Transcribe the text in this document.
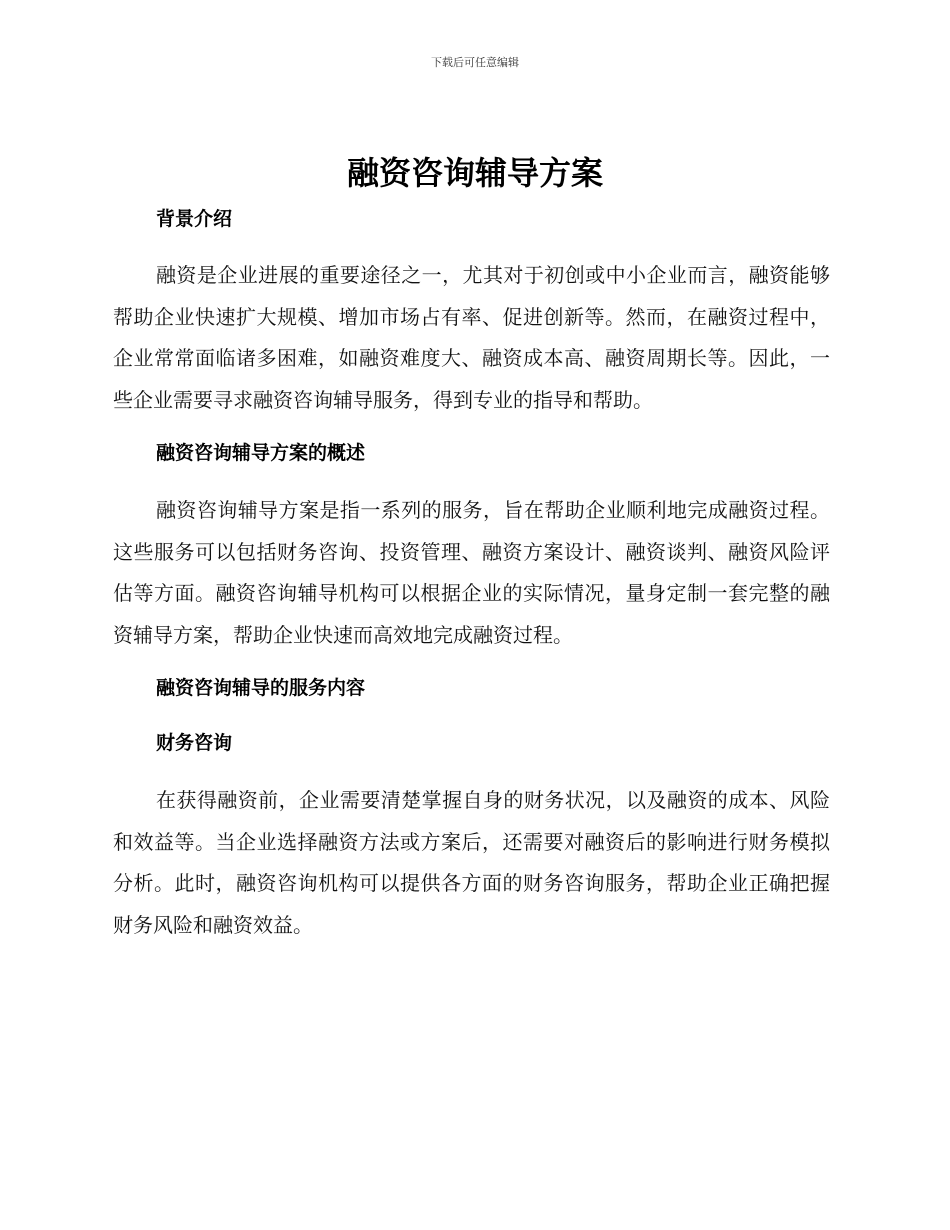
下载后可任意编辑
融资咨询辅导方案
背景介绍

融资是企业进展的重要途径之一，尤其对于初创或中小企业而言，融资能够帮助企业快速扩大规模、增加市场占有率、促进创新等。然而，在融资过程中，企业常常面临诸多困难，如融资难度大、融资成本高、融资周期长等。因此，一些企业需要寻求融资咨询辅导服务，得到专业的指导和帮助。

融资咨询辅导方案的概述

融资咨询辅导方案是指一系列的服务，旨在帮助企业顺利地完成融资过程。这些服务可以包括财务咨询、投资管理、融资方案设计、融资谈判、融资风险评估等方面。融资咨询辅导机构可以根据企业的实际情况，量身定制一套完整的融资辅导方案，帮助企业快速而高效地完成融资过程。

融资咨询辅导的服务内容
财务咨询

在获得融资前，企业需要清楚掌握自身的财务状况，以及融资的成本、风险和效益等。当企业选择融资方法或方案后，还需要对融资后的影响进行财务模拟分析。此时，融资咨询机构可以提供各方面的财务咨询服务，帮助企业正确把握财务风险和融资效益。
